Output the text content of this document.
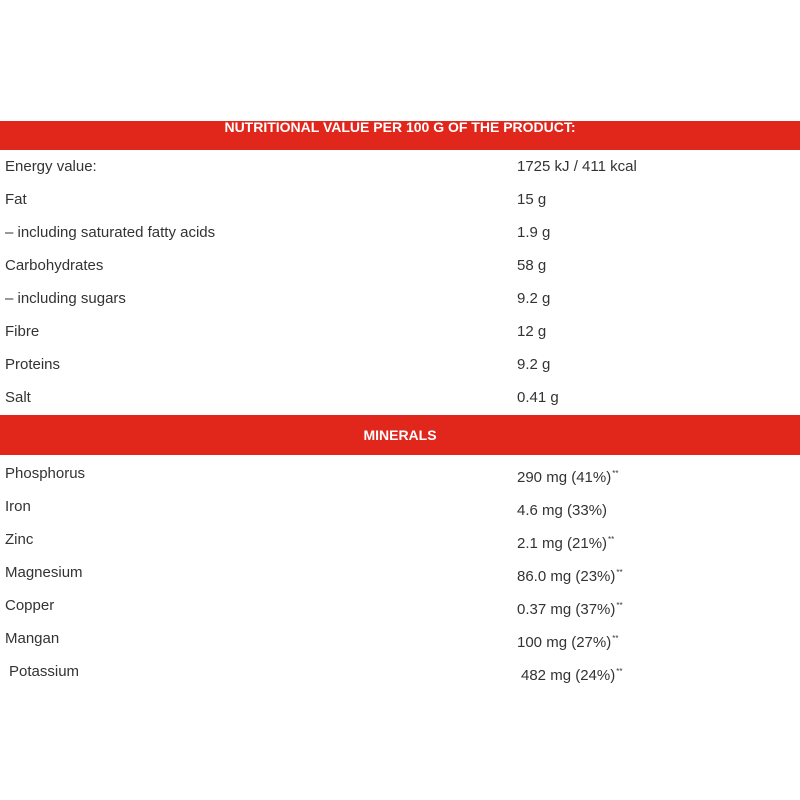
NUTRITIONAL VALUE PER 100 G OF THE PRODUCT:
Energy value:	1725 kJ / 411 kcal
Fat	15 g
– including saturated fatty acids	1.9 g
Carbohydrates	58 g
– including sugars	9.2 g
Fibre	12 g
Proteins	9.2 g
Salt	0.41 g
MINERALS
Phosphorus	290 mg (41%)**
Iron	4.6 mg (33%)
Zinc	2.1 mg (21%)**
Magnesium	86.0 mg (23%)**
Copper	0.37 mg (37%)**
Mangan	100 mg (27%)**
Potassium	482 mg (24%)**
